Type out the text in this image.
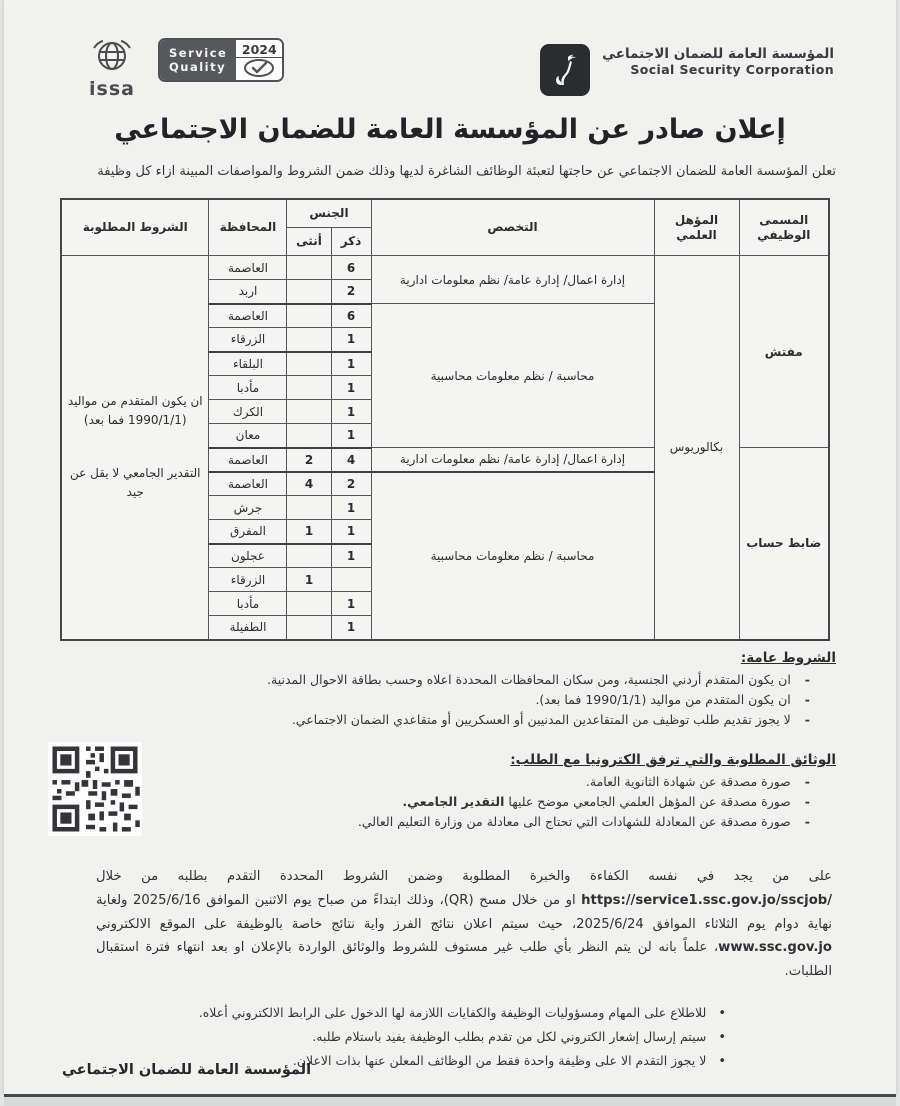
issa
Service
Quality
2024	المؤسسة العامة للضمان الاجتماعي
Social Security Corporation
إعلان صادر عن المؤسسة العامة للضمان الاجتماعي

تعلن المؤسسة العامة للضمان الاجتماعي عن حاجتها لتعبئة الوظائف الشاغرة لديها وذلك ضمن الشروط والمواصفات المبينة ازاء كل وظيفة

المسمى الوظيفي	المؤهل العلمي	التخصص	الجنس		المحافظة	الشروط المطلوبة
			ذكر	أنثى		
مفتش	بكالوريوس	إدارة اعمال/ إدارة عامة/ نظم معلومات ادارية	6		العاصمة	ان يكون المتقدم من مواليد (1990/1/1 فما بعد)
التقدير الجامعي لا يقل عن جيد

			2		اربد	
		محاسبة / نظم معلومات محاسبية	6		العاصمة	
			1		الزرقاء	
			1		البلقاء	
			1		مأدبا	
			1		الكرك	
			1		معان	
ضابط حساب		إدارة اعمال/ إدارة عامة/ نظم معلومات ادارية	4	2	العاصمة	
		محاسبة / نظم معلومات محاسبية	2	4	العاصمة	
			1		جرش	
			1	1	المفرق	
			1		عجلون	
				1	الزرقاء	
			1		مأدبا	
			1		الطفيلة	
الشروط عامة:
- ان يكون المتقدم أردني الجنسية، ومن سكان المحافظات المحددة اعلاه وحسب بطاقة الاحوال المدنية.
- ان يكون المتقدم من مواليد (1990/1/1 فما بعد).
- لا يجوز تقديم طلب توظيف من المتقاعدين المدنيين أو العسكريين أو متقاعدي الضمان الاجتماعي.
الوثائق المطلوبة والتي ترفق الكترونيا مع الطلب:
- صورة مصدقة عن شهادة الثانوية العامة.
- صورة مصدقة عن المؤهل العلمي الجامعي موضح عليها التقدير الجامعي.
- صورة مصدقة عن المعادلة للشهادات التي تحتاج الى معادلة من وزارة التعليم العالي.

على من يجد في نفسه الكفاءة والخبرة المطلوبة وضمن الشروط المحددة التقدم بطلبه من خلال https://service1.ssc.gov.jo/sscjob/ او من خلال مسح (QR)، وذلك ابتداءً من صباح يوم الاثنين الموافق 2025/6/16 ولغاية نهاية دوام يوم الثلاثاء الموافق 2025/6/24، حيث سيتم اعلان نتائج الفرز واية نتائج خاصة بالوظيفة على الموقع الالكتروني www.ssc.gov.jo، علماً بانه لن يتم النظر بأي طلب غير مستوف للشروط والوثائق الواردة بالإعلان او بعد انتهاء فترة استقبال الطلبات.

• للاطلاع على المهام ومسؤوليات الوظيفة والكفايات اللازمة لها الدخول على الرابط الالكتروني أعلاه.
• سيتم إرسال إشعار الكتروني لكل من تقدم بطلب الوظيفة يفيد باستلام طلبه.
• لا يجوز التقدم الا على وظيفة واحدة فقط من الوظائف المعلن عنها بذات الاعلان.
المؤسسة العامة للضمان الاجتماعي
